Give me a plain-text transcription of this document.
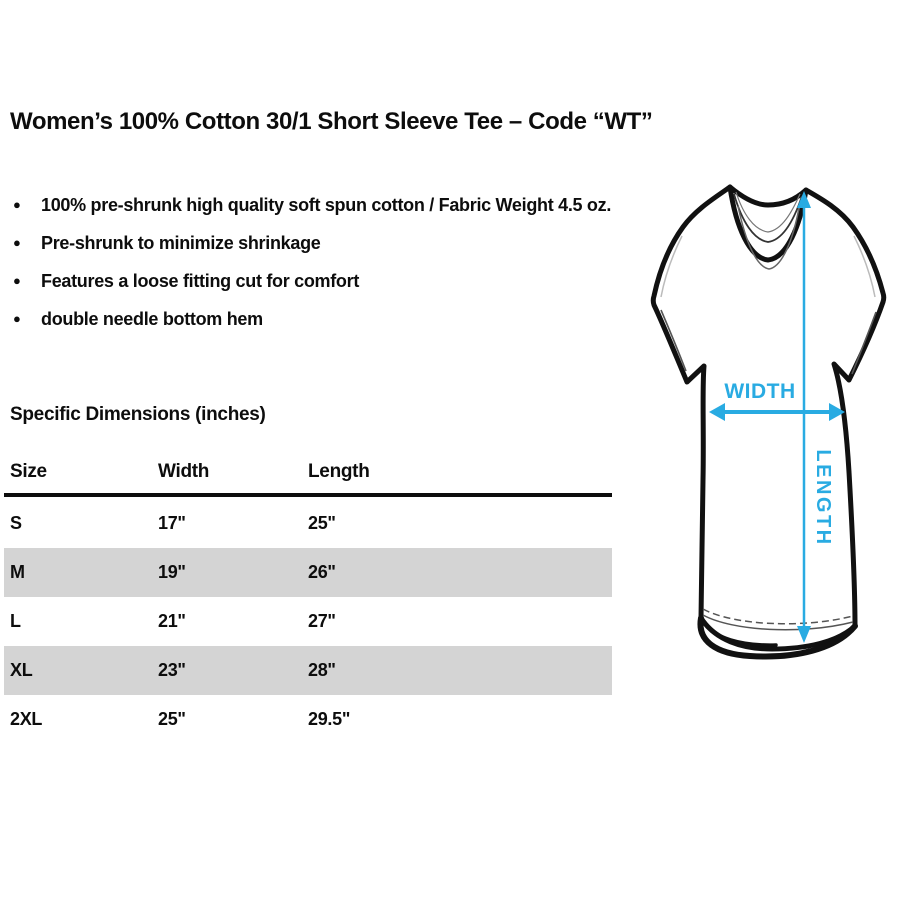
Women’s 100% Cotton 30/1 Short Sleeve Tee – Code “WT”
●	100% pre-shrunk high quality soft spun cotton / Fabric Weight 4.5 oz.
●	Pre-shrunk to minimize shrinkage
●	Features a loose fitting cut for comfort
●	double needle bottom hem
Specific Dimensions (inches)
Size	Width	Length
S	17"	25"
M	19"	26"
L	21"	27"
XL	23"	28"
2XL	25"	29.5"
WIDTH
LENGTH
